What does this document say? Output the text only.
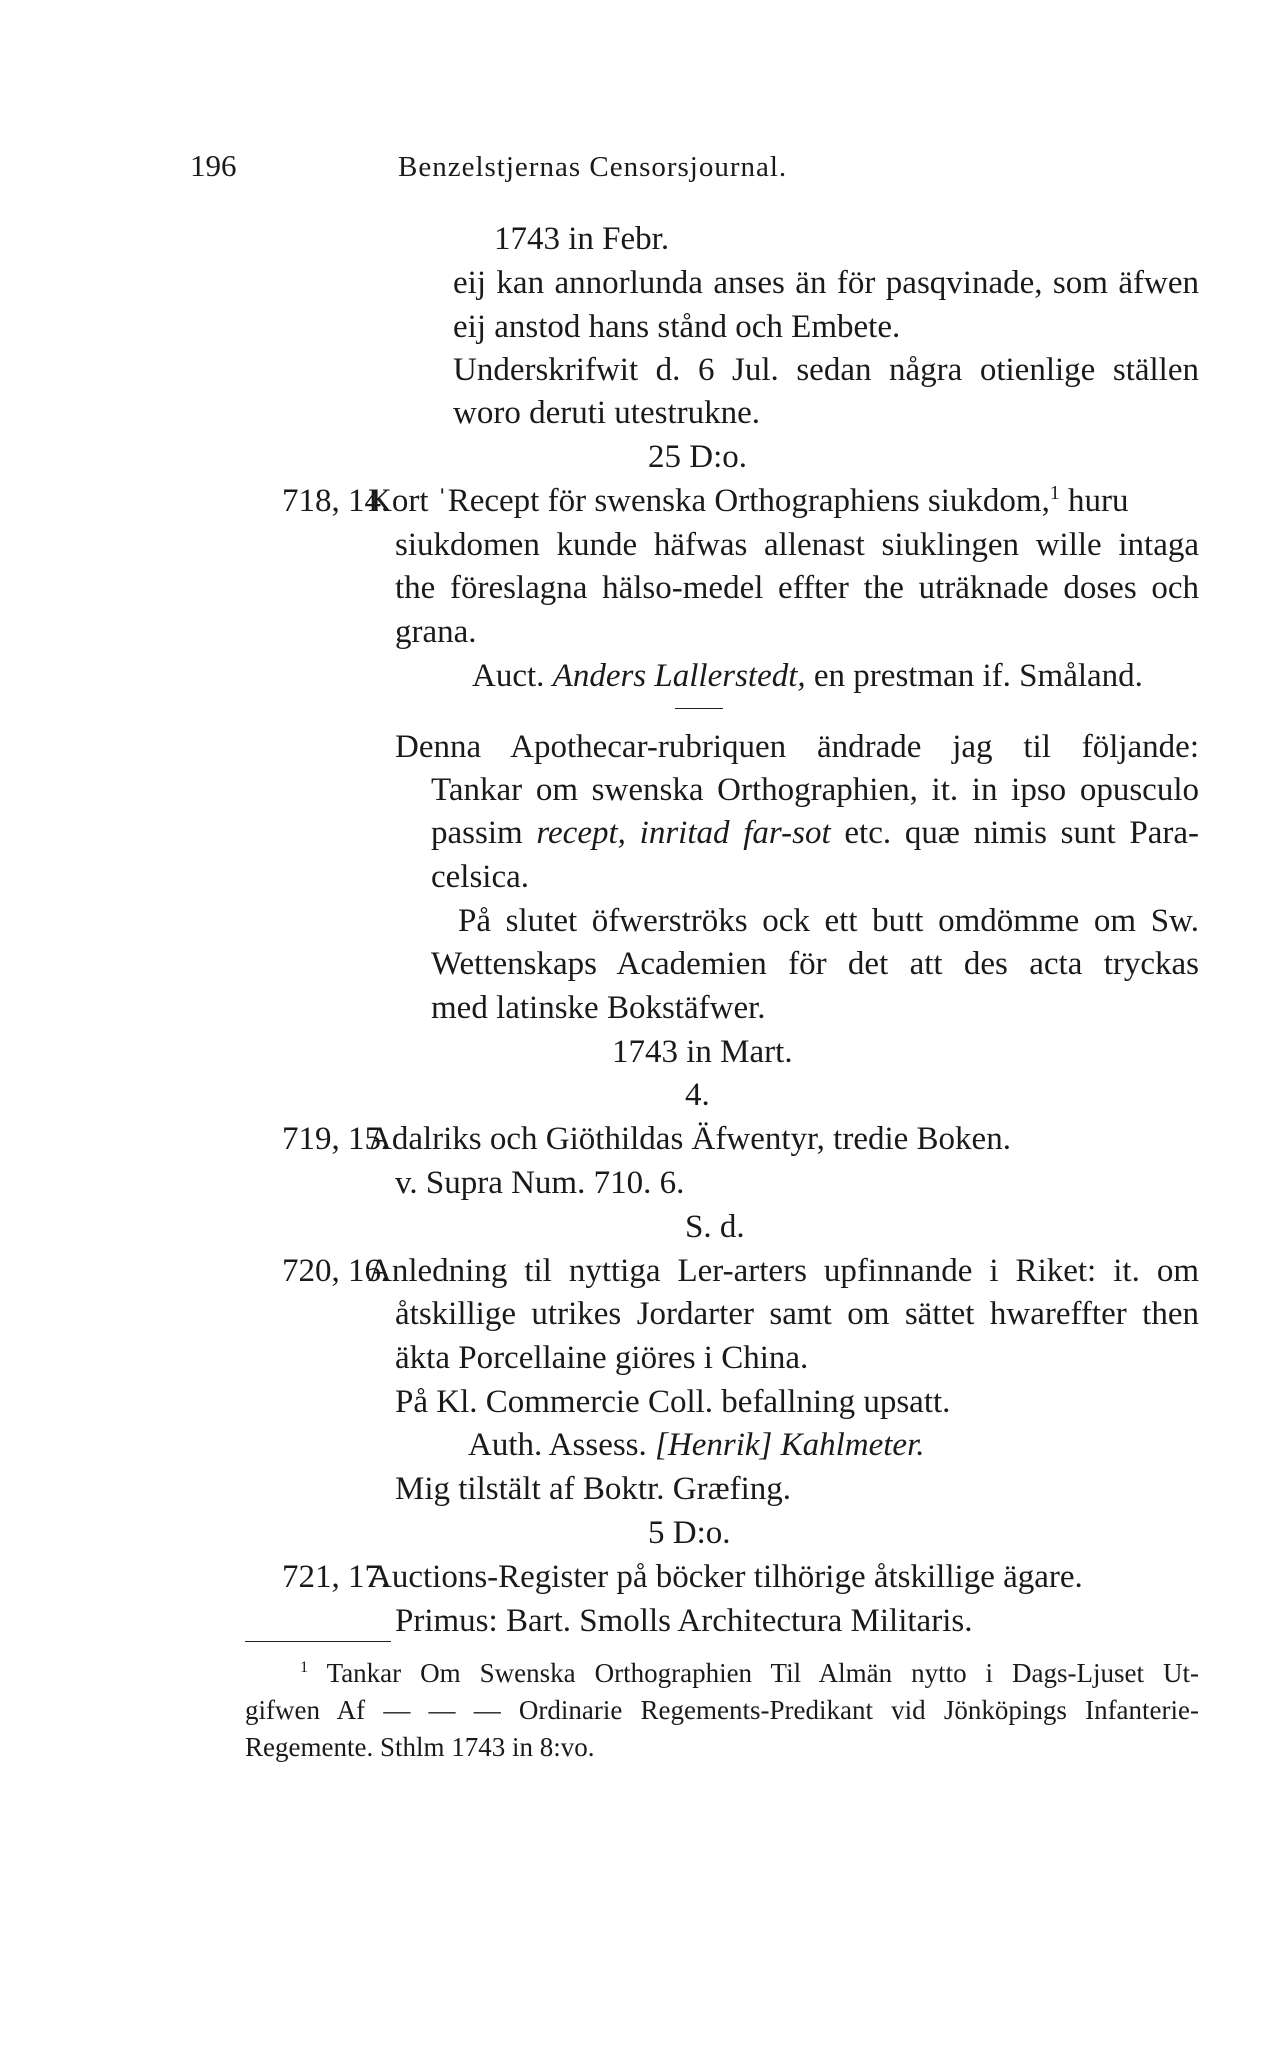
196	Benzelstjernas Censorsjournal.
1743 in Febr.
eij kan annorlunda anses än för pasqvinade, som äfwen
eij anstod hans stånd och Embete.
Underskrifwit d. 6 Jul. sedan några otienlige ställen
woro deruti utestrukne.
25 D:o.
718, 14.
Kort ˈRecept för swenska Orthographiens siukdom,$^1$ huru
siukdomen kunde häfwas allenast siuklingen wille intaga
the föreslagna hälso-medel effter the uträknade doses och
grana.
Auct. Anders Lallerstedt, en prestman if. Småland.
Denna Apothecar-rubriquen ändrade jag til följande:
Tankar om swenska Orthographien, it. in ipso opusculo
passim recept, inritad far-sot etc. quæ nimis sunt Para-
celsica.
På slutet öfwerströks ock ett butt omdömme om Sw.
Wettenskaps Academien för det att des acta tryckas
med latinske Bokstäfwer.
1743 in Mart.
4.
719, 15.
Adalriks och Giöthildas Äfwentyr, tredie Boken.
v. Supra Num. 710. 6.
S. d.
720, 16.
Anledning til nyttiga Ler-arters upfinnande i Riket: it. om
åtskillige utrikes Jordarter samt om sättet hwareffter then
äkta Porcellaine giöres i China.
På Kl. Commercie Coll. befallning upsatt.
Auth. Assess. [Henrik] Kahlmeter.
Mig tilstält af Boktr. Græfing.
5 D:o.
721, 17.
Auctions-Register på böcker tilhörige åtskillige ägare.
Primus: Bart. Smolls Architectura Militaris.
$^1$ Tankar Om Swenska Orthographien Til Almän nytto i Dags-Ljuset Ut-
gifwen Af — — — Ordinarie Regements-Predikant vid Jönköpings Infanterie-
Regemente. Sthlm 1743 in 8:vo.
